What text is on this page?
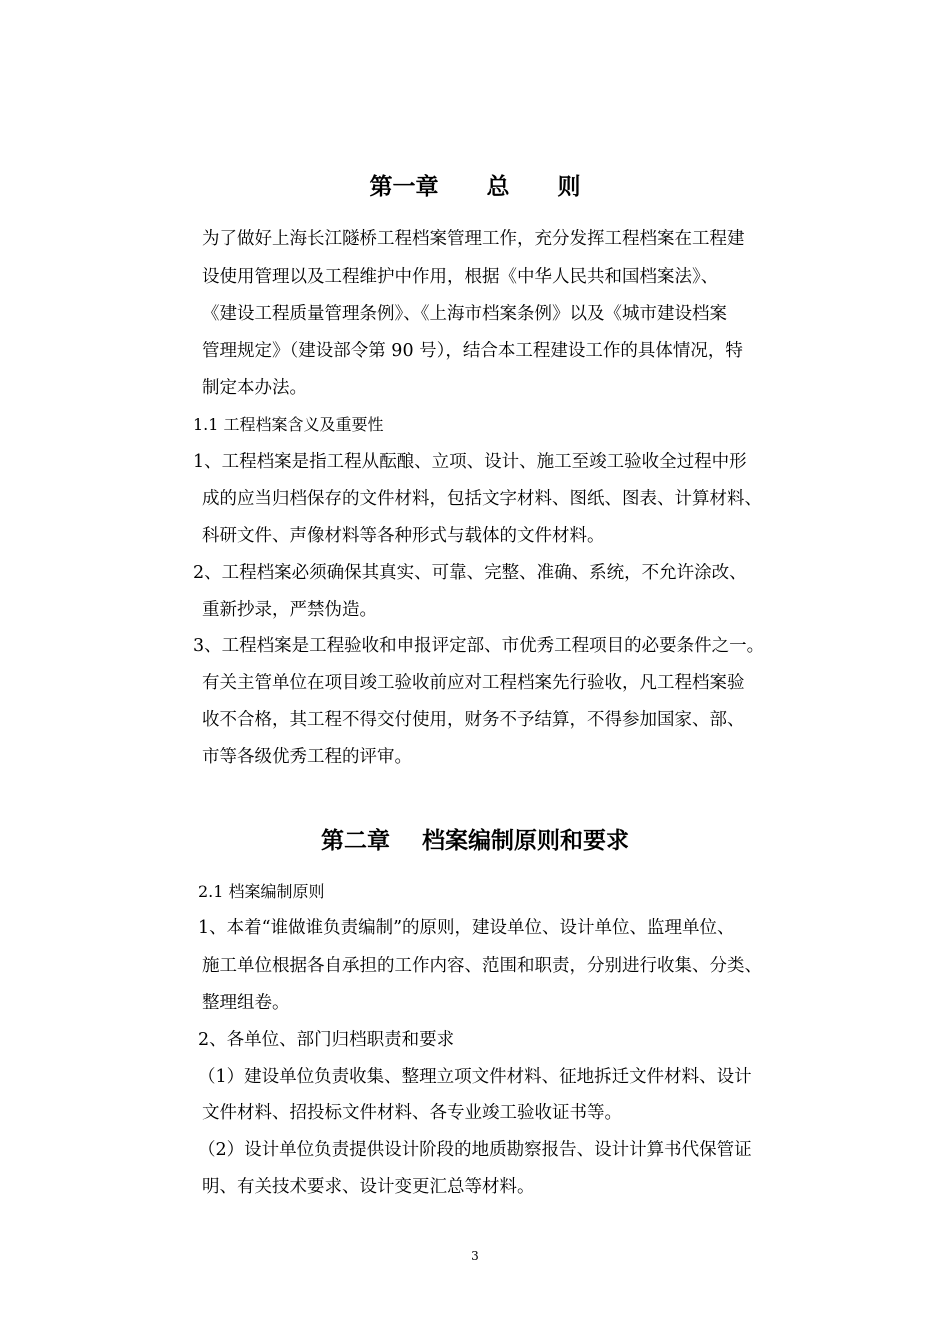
第一章      总      则
为了做好上海长江隧桥工程档案管理工作，充分发挥工程档案在工程建
设使用管理以及工程维护中作用，根据《中华人民共和国档案法》、
《建设工程质量管理条例》、《上海市档案条例》以及《城市建设档案
管理规定》（建设部令第 90 号），结合本工程建设工作的具体情况，特
制定本办法。
1.1 工程档案含义及重要性
1、工程档案是指工程从酝酿、立项、设计、施工至竣工验收全过程中形
成的应当归档保存的文件材料，包括文字材料、图纸、图表、计算材料、
科研文件、声像材料等各种形式与载体的文件材料。
2、工程档案必须确保其真实、可靠、完整、准确、系统，不允许涂改、
重新抄录，严禁伪造。
3、工程档案是工程验收和申报评定部、市优秀工程项目的必要条件之一。
有关主管单位在项目竣工验收前应对工程档案先行验收，凡工程档案验
收不合格，其工程不得交付使用，财务不予结算，不得参加国家、部、
市等各级优秀工程的评审。
第二章    档案编制原则和要求
2.1 档案编制原则
1、本着“谁做谁负责编制”的原则，建设单位、设计单位、监理单位、
施工单位根据各自承担的工作内容、范围和职责，分别进行收集、分类、
整理组卷。
2、各单位、部门归档职责和要求
（1）建设单位负责收集、整理立项文件材料、征地拆迁文件材料、设计
文件材料、招投标文件材料、各专业竣工验收证书等。
（2）设计单位负责提供设计阶段的地质勘察报告、设计计算书代保管证
明、有关技术要求、设计变更汇总等材料。
3
